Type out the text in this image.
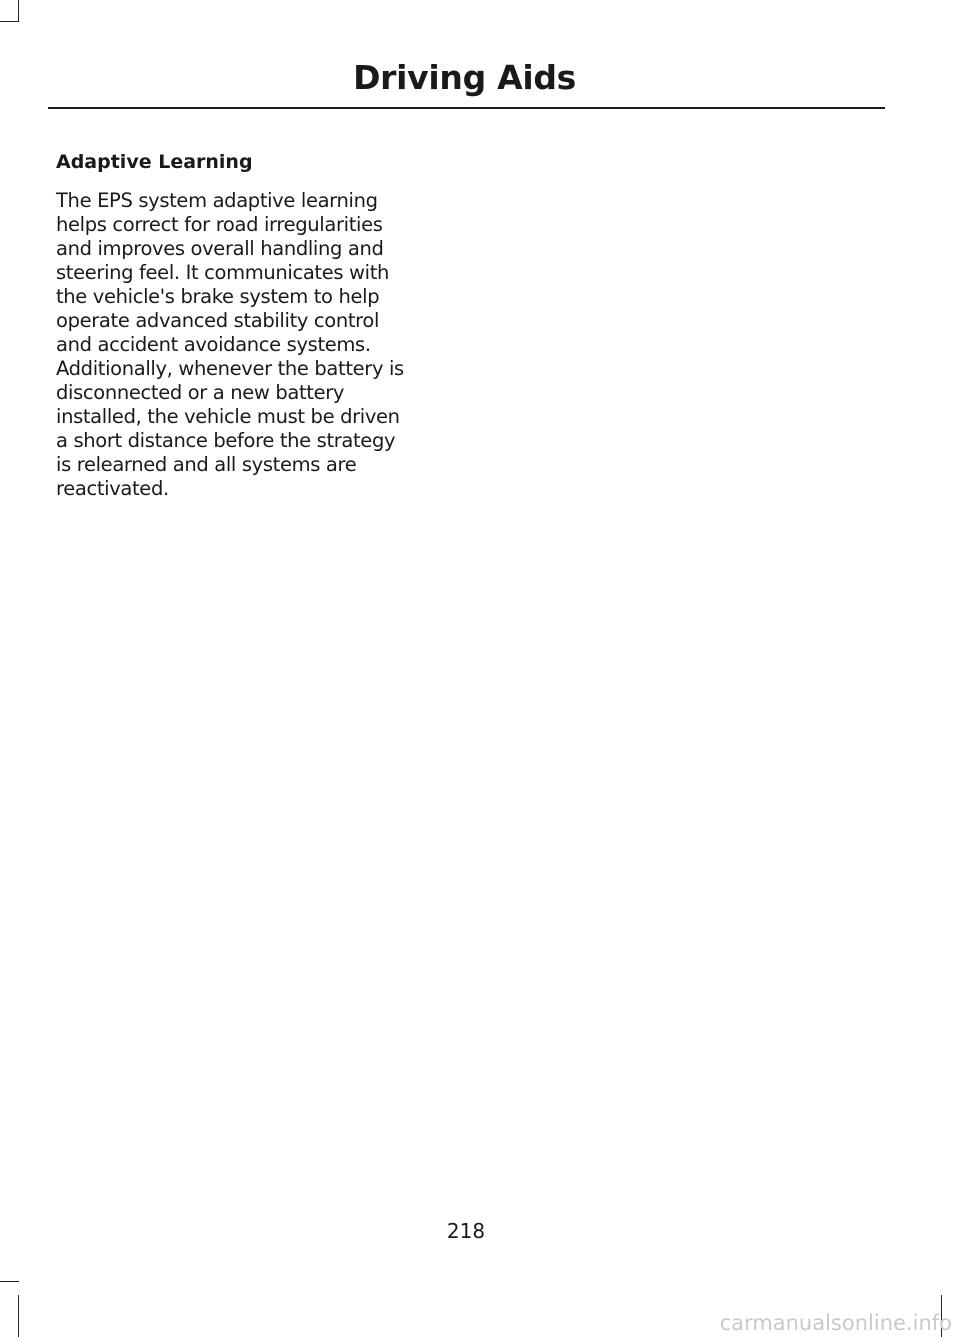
Driving Aids
Adaptive Learning

The EPS system adaptive learning
helps correct for road irregularities
and improves overall handling and
steering feel. It communicates with
the vehicle's brake system to help
operate advanced stability control
and accident avoidance systems.
Additionally, whenever the battery is
disconnected or a new battery
installed, the vehicle must be driven
a short distance before the strategy
is relearned and all systems are
reactivated.

218
carmanualsonline.info
